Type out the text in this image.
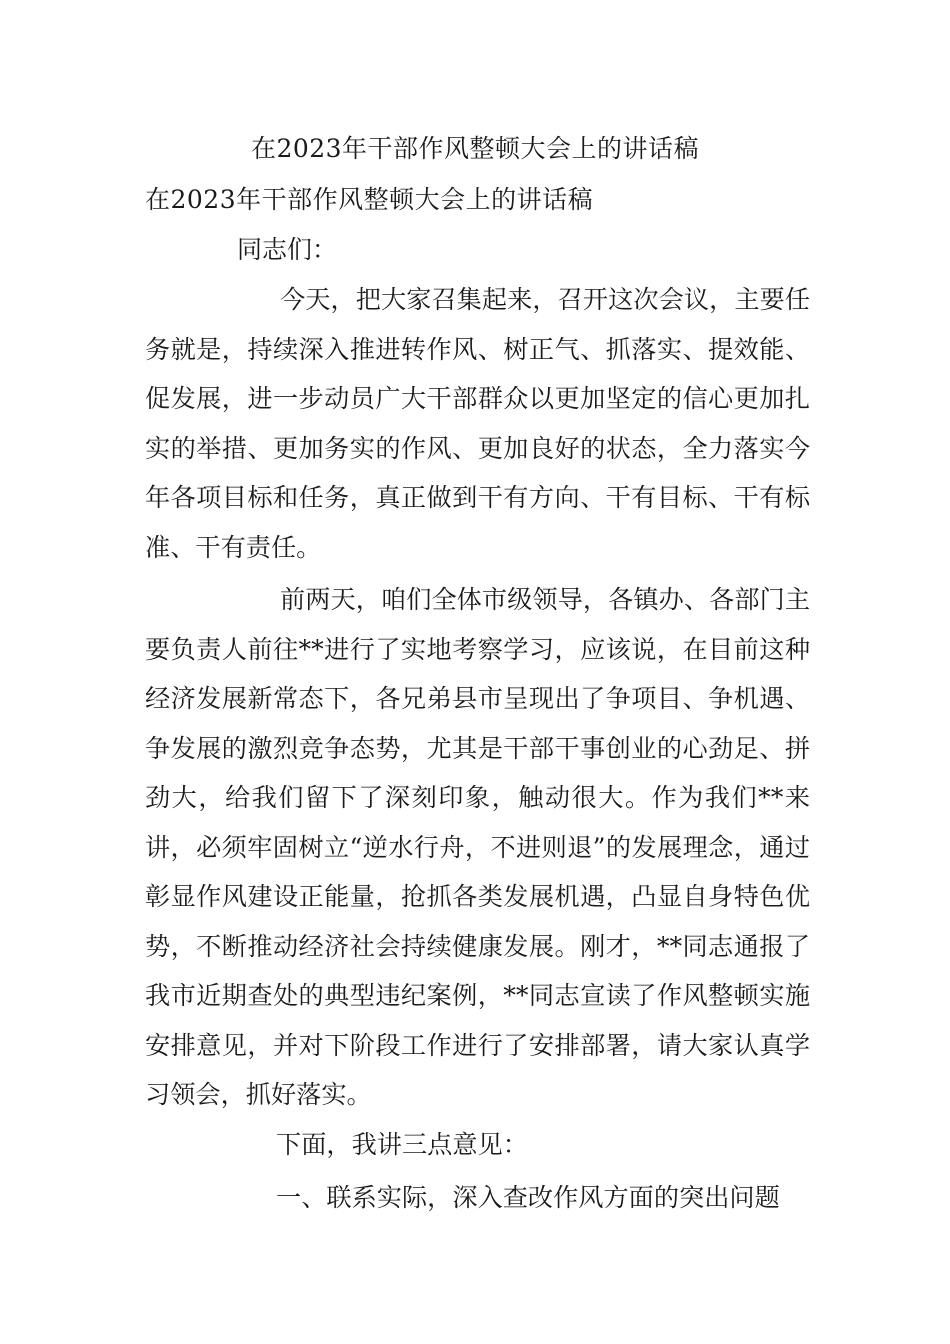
在2023年干部作风整顿大会上的讲话稿
在2023年干部作风整顿大会上的讲话稿

同志们：

今天，把大家召集起来，召开这次会议，主要任务就是，持续深入推进转作风、树正气、抓落实、提效能、促发展，进一步动员广大干部群众以更加坚定的信心更加扎实的举措、更加务实的作风、更加良好的状态，全力落实今年各项目标和任务，真正做到干有方向、干有目标、干有标准、干有责任。

前两天，咱们全体市级领导，各镇办、各部门主要负责人前往**进行了实地考察学习，应该说，在目前这种经济发展新常态下，各兄弟县市呈现出了争项目、争机遇、争发展的激烈竞争态势，尤其是干部干事创业的心劲足、拼劲大，给我们留下了深刻印象，触动很大。作为我们**来讲，必须牢固树立“逆水行舟，不进则退”的发展理念，通过彰显作风建设正能量，抢抓各类发展机遇，凸显自身特色优势，不断推动经济社会持续健康发展。刚才，**同志通报了我市近期查处的典型违纪案例，**同志宣读了作风整顿实施安排意见，并对下阶段工作进行了安排部署，请大家认真学习领会，抓好落实。

下面，我讲三点意见：

一、联系实际，深入查改作风方面的突出问题
